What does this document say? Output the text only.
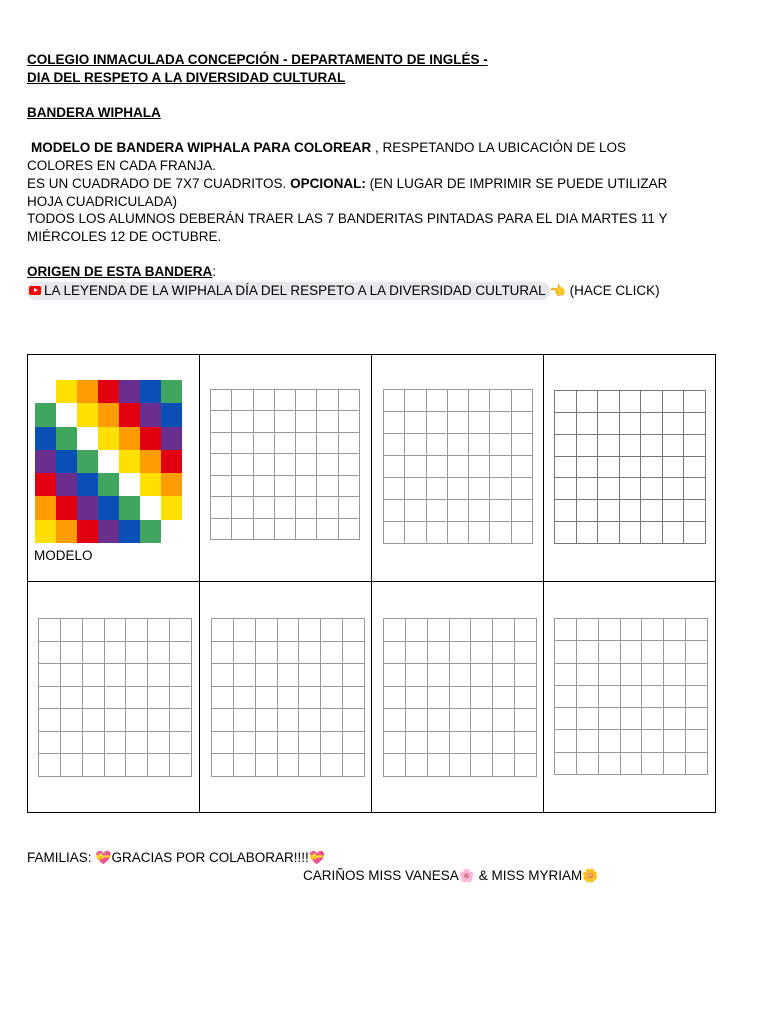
COLEGIO INMACULADA CONCEPCIÓN - DEPARTAMENTO DE INGLÉS -
DIA DEL RESPETO A LA DIVERSIDAD CULTURAL
BANDERA WIPHALA
MODELO DE BANDERA WIPHALA PARA COLOREAR , RESPETANDO LA UBICACIÓN DE LOS
COLORES EN CADA FRANJA.
ES UN CUADRADO DE 7X7 CUADRITOS. OPCIONAL: (EN LUGAR DE IMPRIMIR SE PUEDE UTILIZAR
HOJA CUADRICULADA)
TODOS LOS ALUMNOS DEBERÁN TRAER LAS 7 BANDERITAS PINTADAS PARA EL DIA MARTES 11 Y
MIÉRCOLES 12 DE OCTUBRE.
ORIGEN DE ESTA BANDERA:
LA LEYENDA DE LA WIPHALA DÍA DEL RESPETO A LA DIVERSIDAD CULTURAL 👈 (HACE CLICK)
MODELO			

FAMILIAS: 💝GRACIAS POR COLABORAR!!!!💝
CARIÑOS MISS VANESA🌸 & MISS MYRIAM🌼
